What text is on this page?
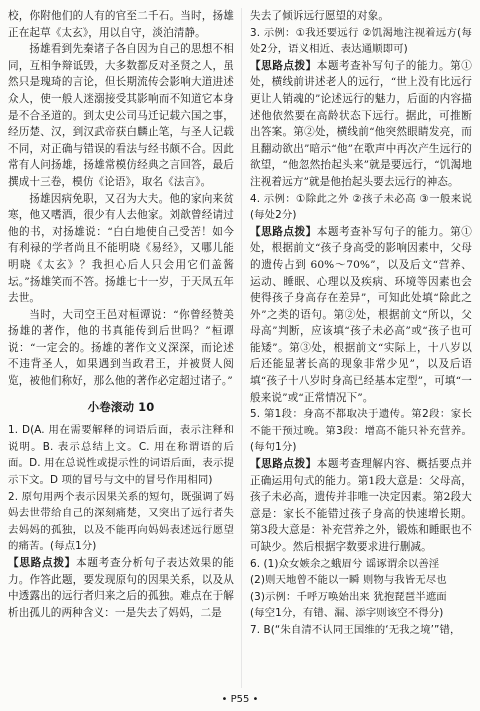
校，你附他们的人有的官至二千石。当时，扬雄正在起草《太玄》，用以自守，淡泊清静。

扬雄看到先秦诸子各自因为自己的思想不相同，互相争辩诋毁，大多数都反对圣贤之人，虽然只是瑰琦的言论，但长期流传会影响大道进述众人，使一般人迷溺接受其影响而不知道它本身是不合圣道的。到太史公司马迁记载六国之事，经历楚、汉，到汉武帝获白麟止笔，与圣人记载不同，对正确与错误的看法与经书颇不合。因此常有人问扬雄，扬雄常模仿经典之言回答，最后撰成十三卷，模仿《论语》，取名《法言》。

扬雄因病免职，又召为大夫。他的家向来贫寒，他又嗜酒，很少有人去他家。刘歆曾经请过他的书，对扬雄说：“白白地使自己受苦！如今有利禄的学者尚且不能明晓《易经》，又哪儿能明晓《太玄》？我担心后人只会用它们盖酱坛。”扬雄笑而不答。扬雄七十一岁，于天凤五年去世。

当时，大司空王邑对桓谭说：“你曾经赞美扬雄的著作，他的书真能传到后世吗？”桓谭说：“一定会的。扬雄的著作文义深深，而论述不违背圣人，如果遇到当政君王，并被贤人阅览，被他们称好，那么他的著作必定超过诸子。”

小卷滚动 10

1. D(A. 用在需要解释的词语后面，表示注释和说明。B. 表示总结上文。C. 用在称谓语的后面。D. 用在总说性或提示性的词语后面，表示提示下文。D 项的冒号与文中的冒号作用相同)

2. 原句用两个表示因果关系的短句，既强调了妈妈去世带给自己的深刻痛楚，又突出了远行者失去妈妈的孤独，以及不能再向妈妈表述远行愿望的痛苦。(每点1分)

【思路点拨】本题考查分析句子表达效果的能力。作答此题，要发现原句的因果关系，以及从中透露出的远行者归来之后的孤独。难点在于解析出孤儿的两种含义：一是失去了妈妈，二是

失去了倾诉远行愿望的对象。

3. 示例：①我还要远行 ②饥渴地注视着远方(每处2分，语义相近、表达通顺即可)

【思路点拨】本题考查补写句子的能力。第①处，横线前讲述老人的远行，“世上没有比远行更让人销魂的”论述远行的魅力，后面的内容描述他依然要在高龄状态下远行。据此，可推断出答案。第②处，横线前“他突然眼睛发亮，而且翻动欲出”暗示“他”在歌声中再次产生远行的欲望，“他忽然抬起头来”就是要远行，“饥渴地注视着远方”就是他抬起头要去远行的神态。

4. 示例：①除此之外 ②孩子未必高 ③一般来说(每处2分)

【思路点拨】本题考查补写句子的能力。第①处，根据前文“孩子身高受的影响因素中，父母的遗传占到 60%～70%”，以及后文“营养、运动、睡眠、心理以及疾病、环境等因素也会使得孩子身高存在差异”，可知此处填“除此之外”之类的语句。第②处，根据前文“所以，父母高”判断，应该填“孩子未必高”或“孩子也可能矮”。第③处，根据前文“实际上，十八岁以后还能显著长高的现象非常少见”，以及后语填“孩子十八岁时身高已经基本定型”，可填“一般来说”或“正常情况下”。

5. 第1段：身高不都取决于遗传。第2段：家长不能干预过晚。第3段：增高不能只补充营养。(每句1分)

【思路点拨】本题考查理解内容、概括要点并正确运用句式的能力。第1段大意是：父母高，孩子未必高，遗传并非唯一决定因素。第2段大意是：家长不能错过孩子身高的快速增长期。第3段大意是：补充营养之外，锻炼和睡眠也不可缺少。然后根据字数要求进行删减。

6. (1)众女嫉余之蛾眉兮 谣诼谓余以善淫

(2)则天地曾不能以一瞬 则物与我皆无尽也

(3)示例：千呼万唤始出来 犹抱琵琶半遮面

(每空1分，有错、漏、添字则该空不得分)

7. B(“朱自清不认同王国维的‘无我之境’”错，

• P55 •
